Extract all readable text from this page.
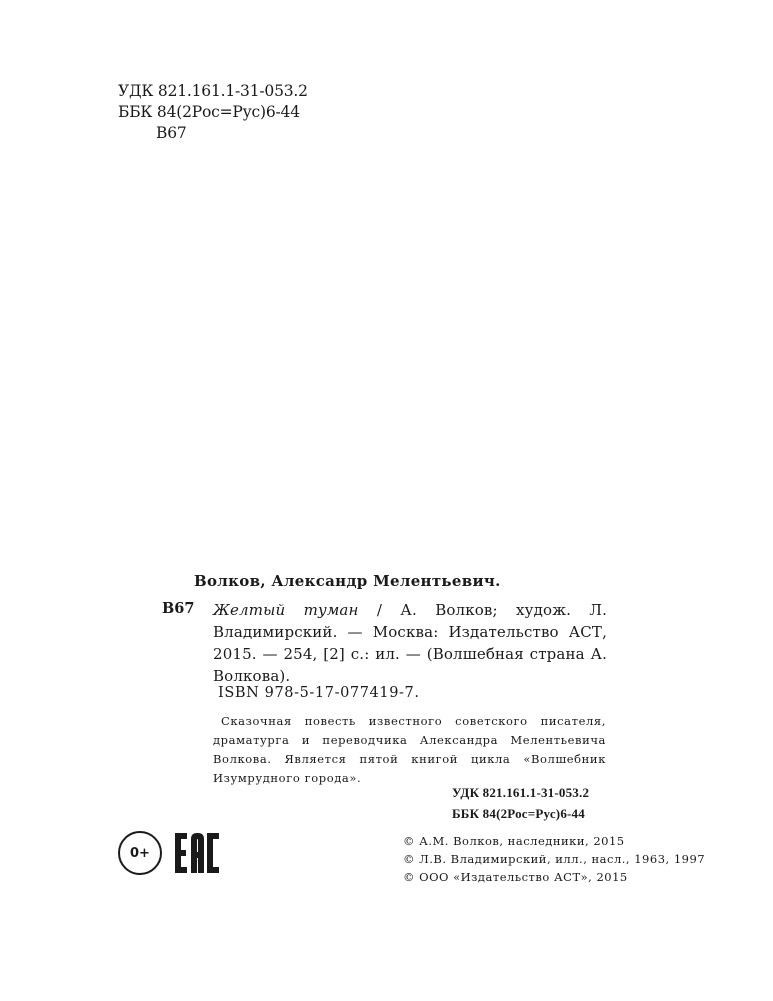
УДК 821.161.1-31-053.2
ББК 84(2Рос=Рус)6-44
В67
Волков, Александр Мелентьевич.
В67 Желтый туман / А. Волков; худож. Л. Владимирский. — Москва: Издательство АСТ, 2015. — 254, [2] с.: ил. — (Волшебная страна А. Волкова).
ISBN 978-5-17-077419-7.
Сказочная повесть известного советского писателя, драматурга и переводчика Александра Мелентьевича Волкова. Является пятой книгой цикла «Волшебник Изумрудного города».
УДК 821.161.1-31-053.2
ББК 84(2Рос=Рус)6-44
0+
© А.М. Волков, наследники, 2015
© Л.В. Владимирский, илл., насл., 1963, 1997
© ООО «Издательство АСТ», 2015
